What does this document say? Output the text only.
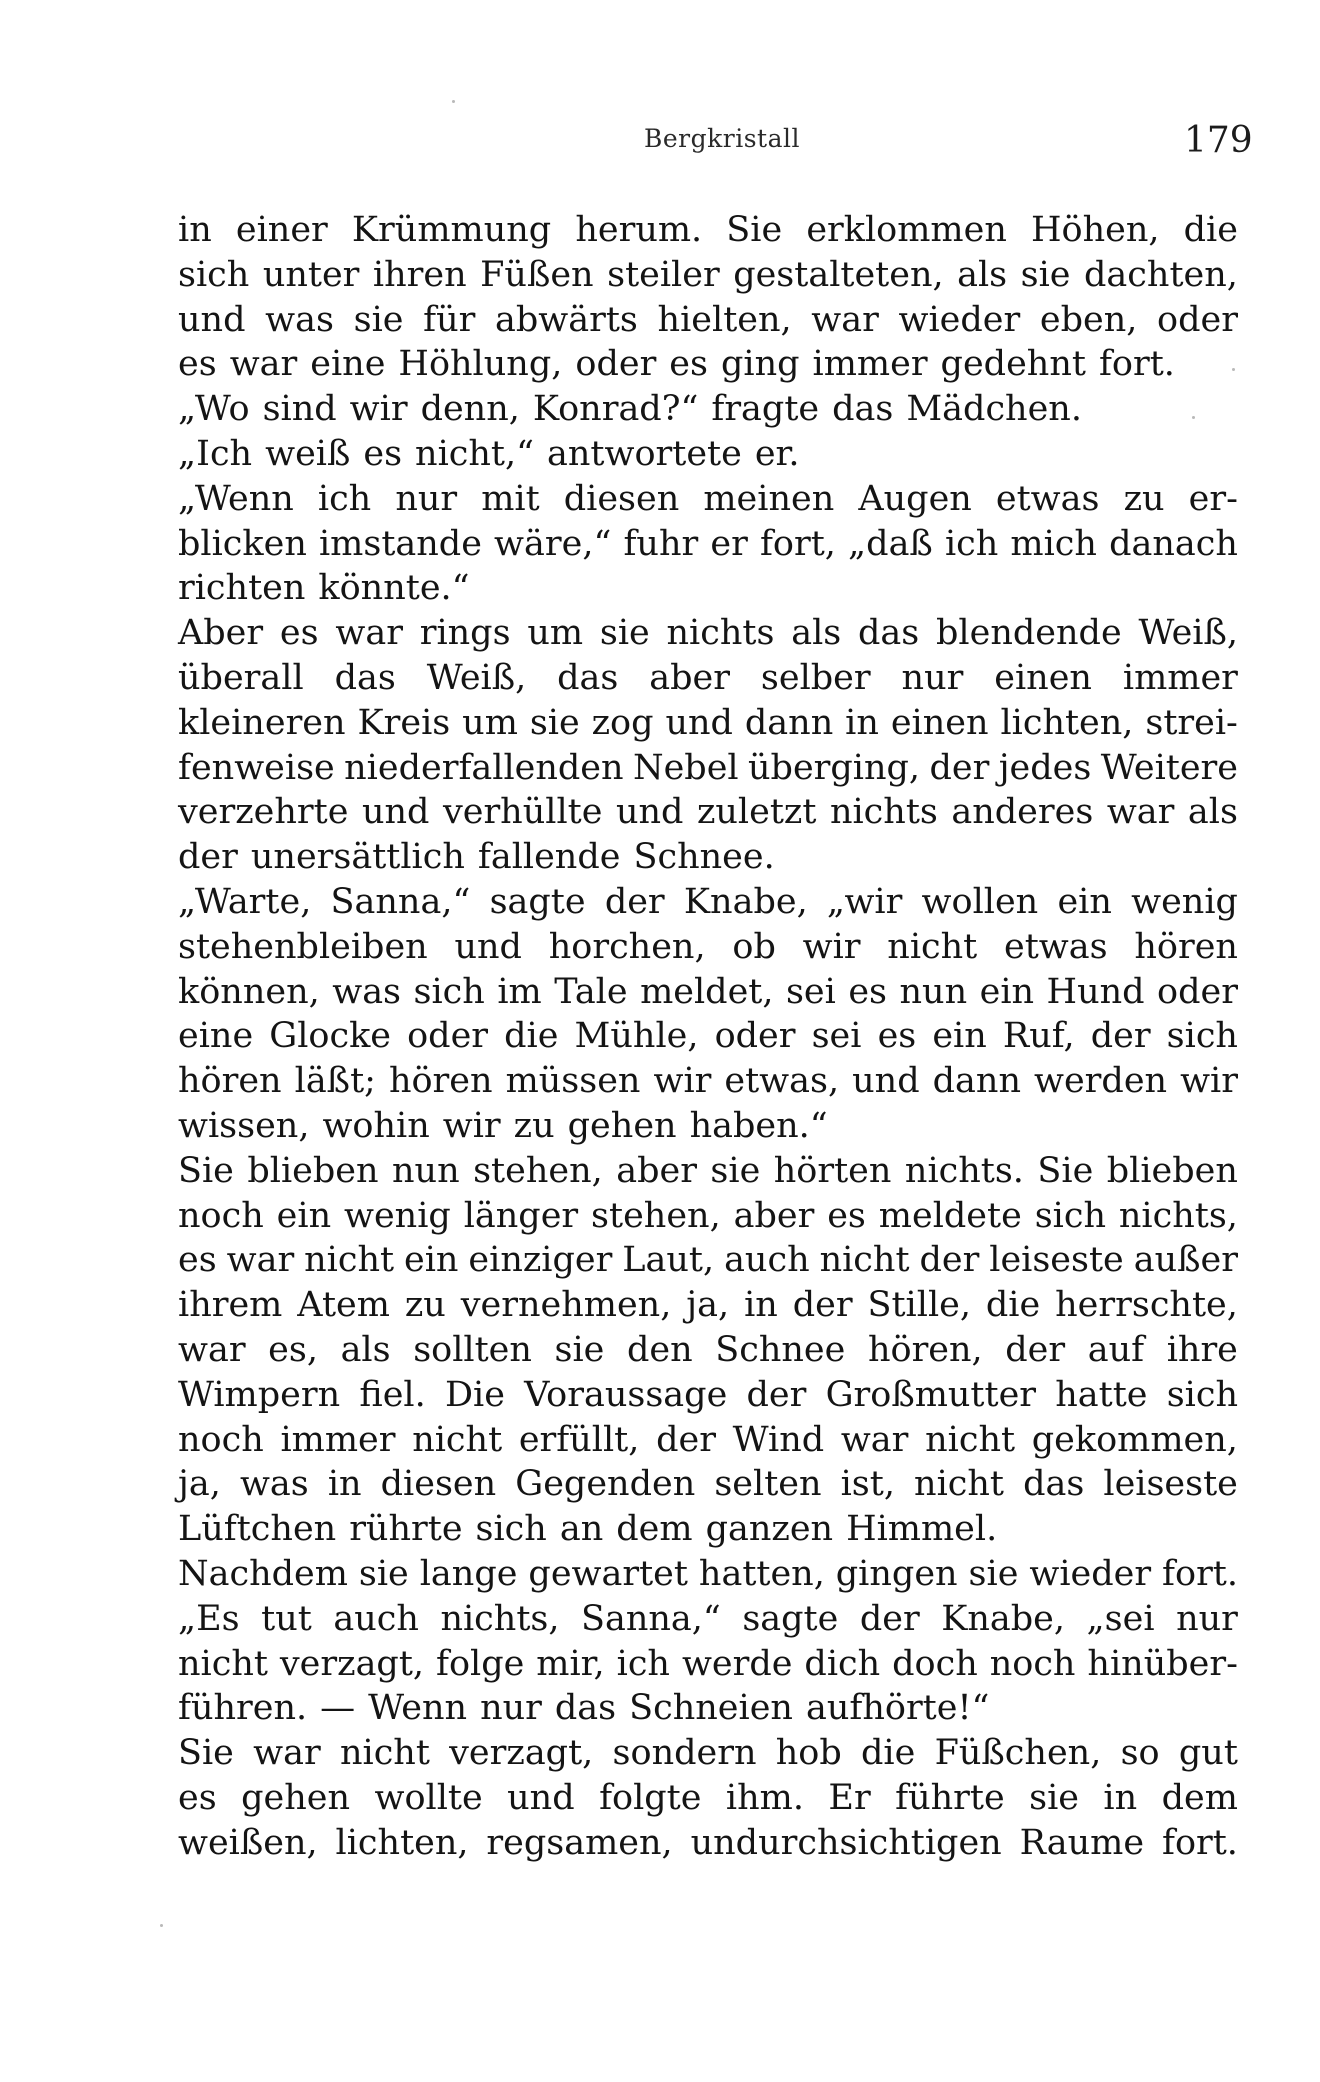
Bergkristall	179
in einer Krümmung herum. Sie erklommen Höhen, die
sich unter ihren Füßen steiler gestalteten, als sie dachten,
und was sie für abwärts hielten, war wieder eben, oder
es war eine Höhlung, oder es ging immer gedehnt fort.
„Wo sind wir denn, Konrad?“ fragte das Mädchen.
„Ich weiß es nicht,“ antwortete er.
„Wenn ich nur mit diesen meinen Augen etwas zu er-
blicken imstande wäre,“ fuhr er fort, „daß ich mich danach
richten könnte.“
Aber es war rings um sie nichts als das blendende Weiß,
überall das Weiß, das aber selber nur einen immer
kleineren Kreis um sie zog und dann in einen lichten, strei-
fenweise niederfallenden Nebel überging, der jedes Weitere
verzehrte und verhüllte und zuletzt nichts anderes war als
der unersättlich fallende Schnee.
„Warte, Sanna,“ sagte der Knabe, „wir wollen ein wenig
stehenbleiben und horchen, ob wir nicht etwas hören
können, was sich im Tale meldet, sei es nun ein Hund oder
eine Glocke oder die Mühle, oder sei es ein Ruf, der sich
hören läßt; hören müssen wir etwas, und dann werden wir
wissen, wohin wir zu gehen haben.“
Sie blieben nun stehen, aber sie hörten nichts. Sie blieben
noch ein wenig länger stehen, aber es meldete sich nichts,
es war nicht ein einziger Laut, auch nicht der leiseste außer
ihrem Atem zu vernehmen, ja, in der Stille, die herrschte,
war es, als sollten sie den Schnee hören, der auf ihre
Wimpern fiel. Die Voraussage der Großmutter hatte sich
noch immer nicht erfüllt, der Wind war nicht gekommen,
ja, was in diesen Gegenden selten ist, nicht das leiseste
Lüftchen rührte sich an dem ganzen Himmel.
Nachdem sie lange gewartet hatten, gingen sie wieder fort.
„Es tut auch nichts, Sanna,“ sagte der Knabe, „sei nur
nicht verzagt, folge mir, ich werde dich doch noch hinüber-
führen. — Wenn nur das Schneien aufhörte!“
Sie war nicht verzagt, sondern hob die Füßchen, so gut
es gehen wollte und folgte ihm. Er führte sie in dem
weißen, lichten, regsamen, undurchsichtigen Raume fort.
